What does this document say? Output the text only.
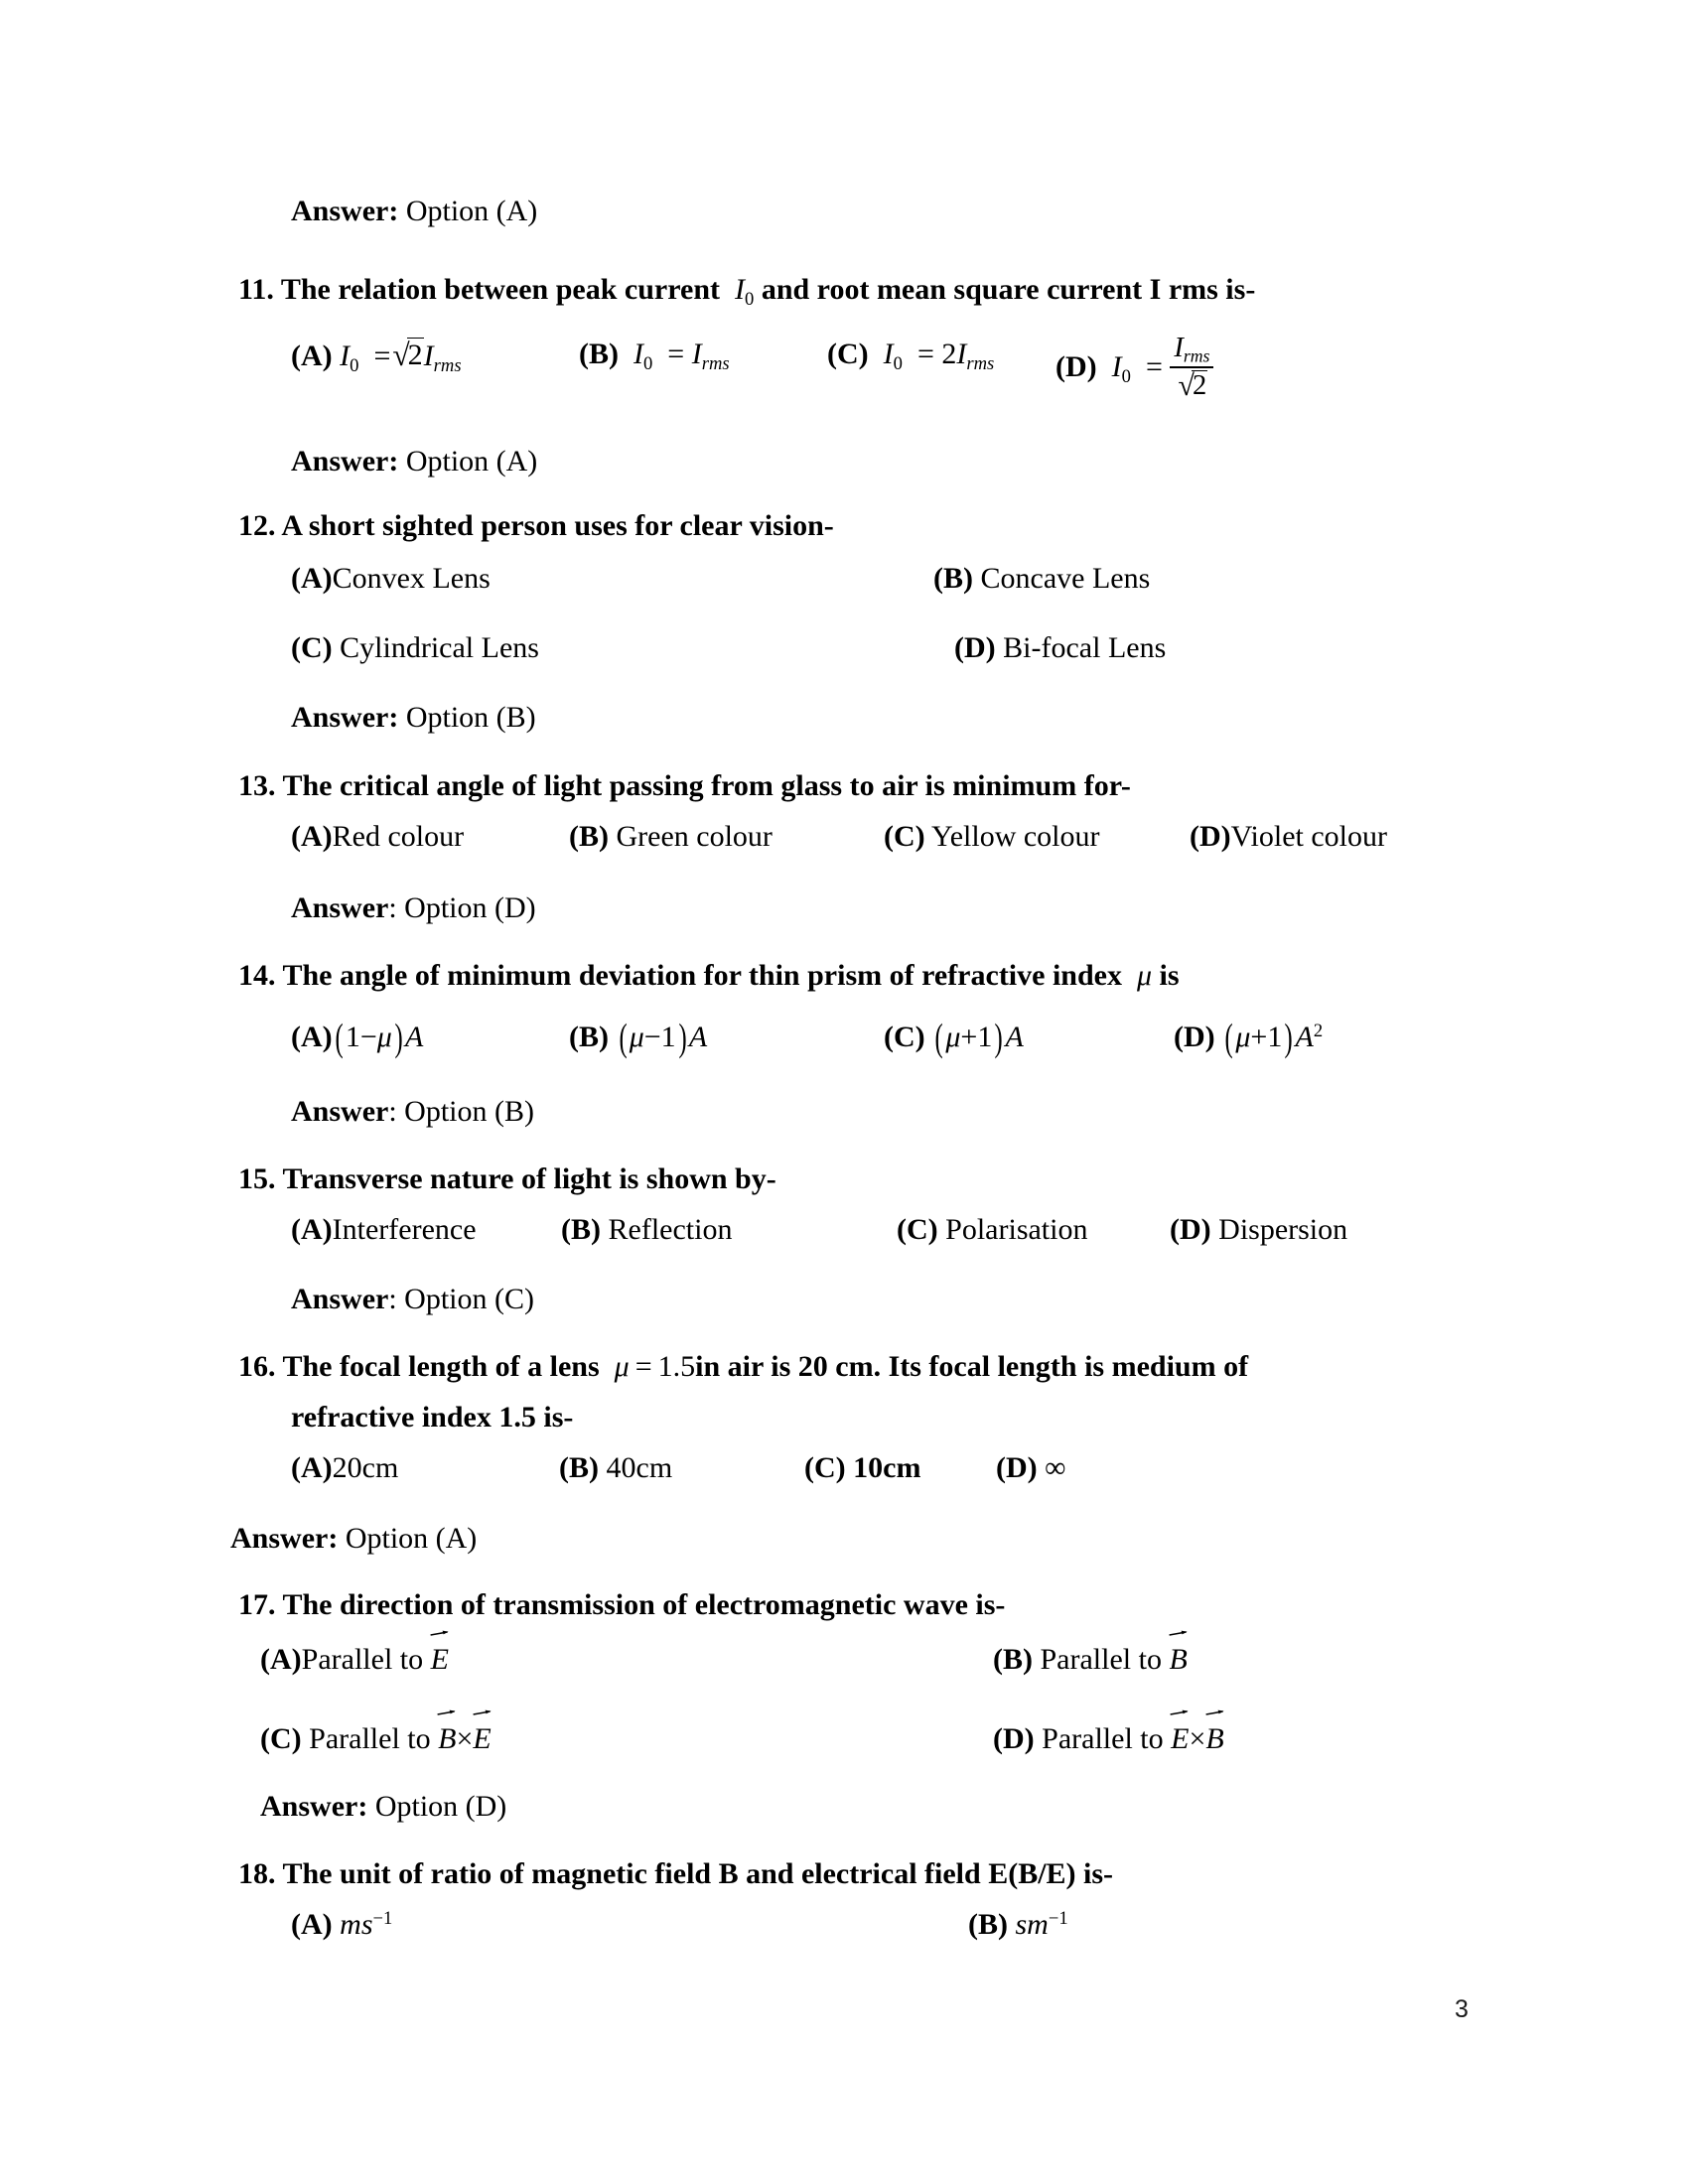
Answer: Option (A)
11. The relation between peak current I0 and root mean square current I rms is-
(A) $I0 =√2I_{rms}$	(B) $I0 = I_{rms}$	(C) $I0 = 2I_{rms}$ (D) $I0 = \frac{I_{rms}}{√2}$
Answer: Option (A)
12. A short sighted person uses for clear vision-
(A)Convex Lens	(B) Concave Lens
(C) Cylindrical Lens	(D) Bi-focal Lens
Answer: Option (B)
13. The critical angle of light passing from glass to air is minimum for-
(A)Red colour	(B) Green colour	(C) Yellow colour	(D)Violet colour
Answer: Option (D)
14. The angle of minimum deviation for thin prism of refractive index μ is
(A)(1−μ)A	(B) (μ−1)A	(C) (μ+1)A	(D) $(\mu+1)A^2$
Answer: Option (B)
15. Transverse nature of light is shown by-
(A)Interference	(B) Reflection	(C) Polarisation	(D) Dispersion
Answer: Option (C)
16. The focal length of a lens μ = 1.5in air is 20 cm. Its focal length is medium of
refractive index 1.5 is-
(A)20cm	(B) 40cm	(C) 10cm	(D) ∞
Answer: Option (A)
17. The direction of transmission of electromagnetic wave is-
(A)Parallel to E	(B) Parallel to B
(C) Parallel to B
×E	(D) Parallel to E
×B
Answer: Option (D)
18. The unit of ratio of magnetic field B and electrical field E(B/E) is-
(A) $ms^{-1}$	(B) $sm^{-1}$
3
